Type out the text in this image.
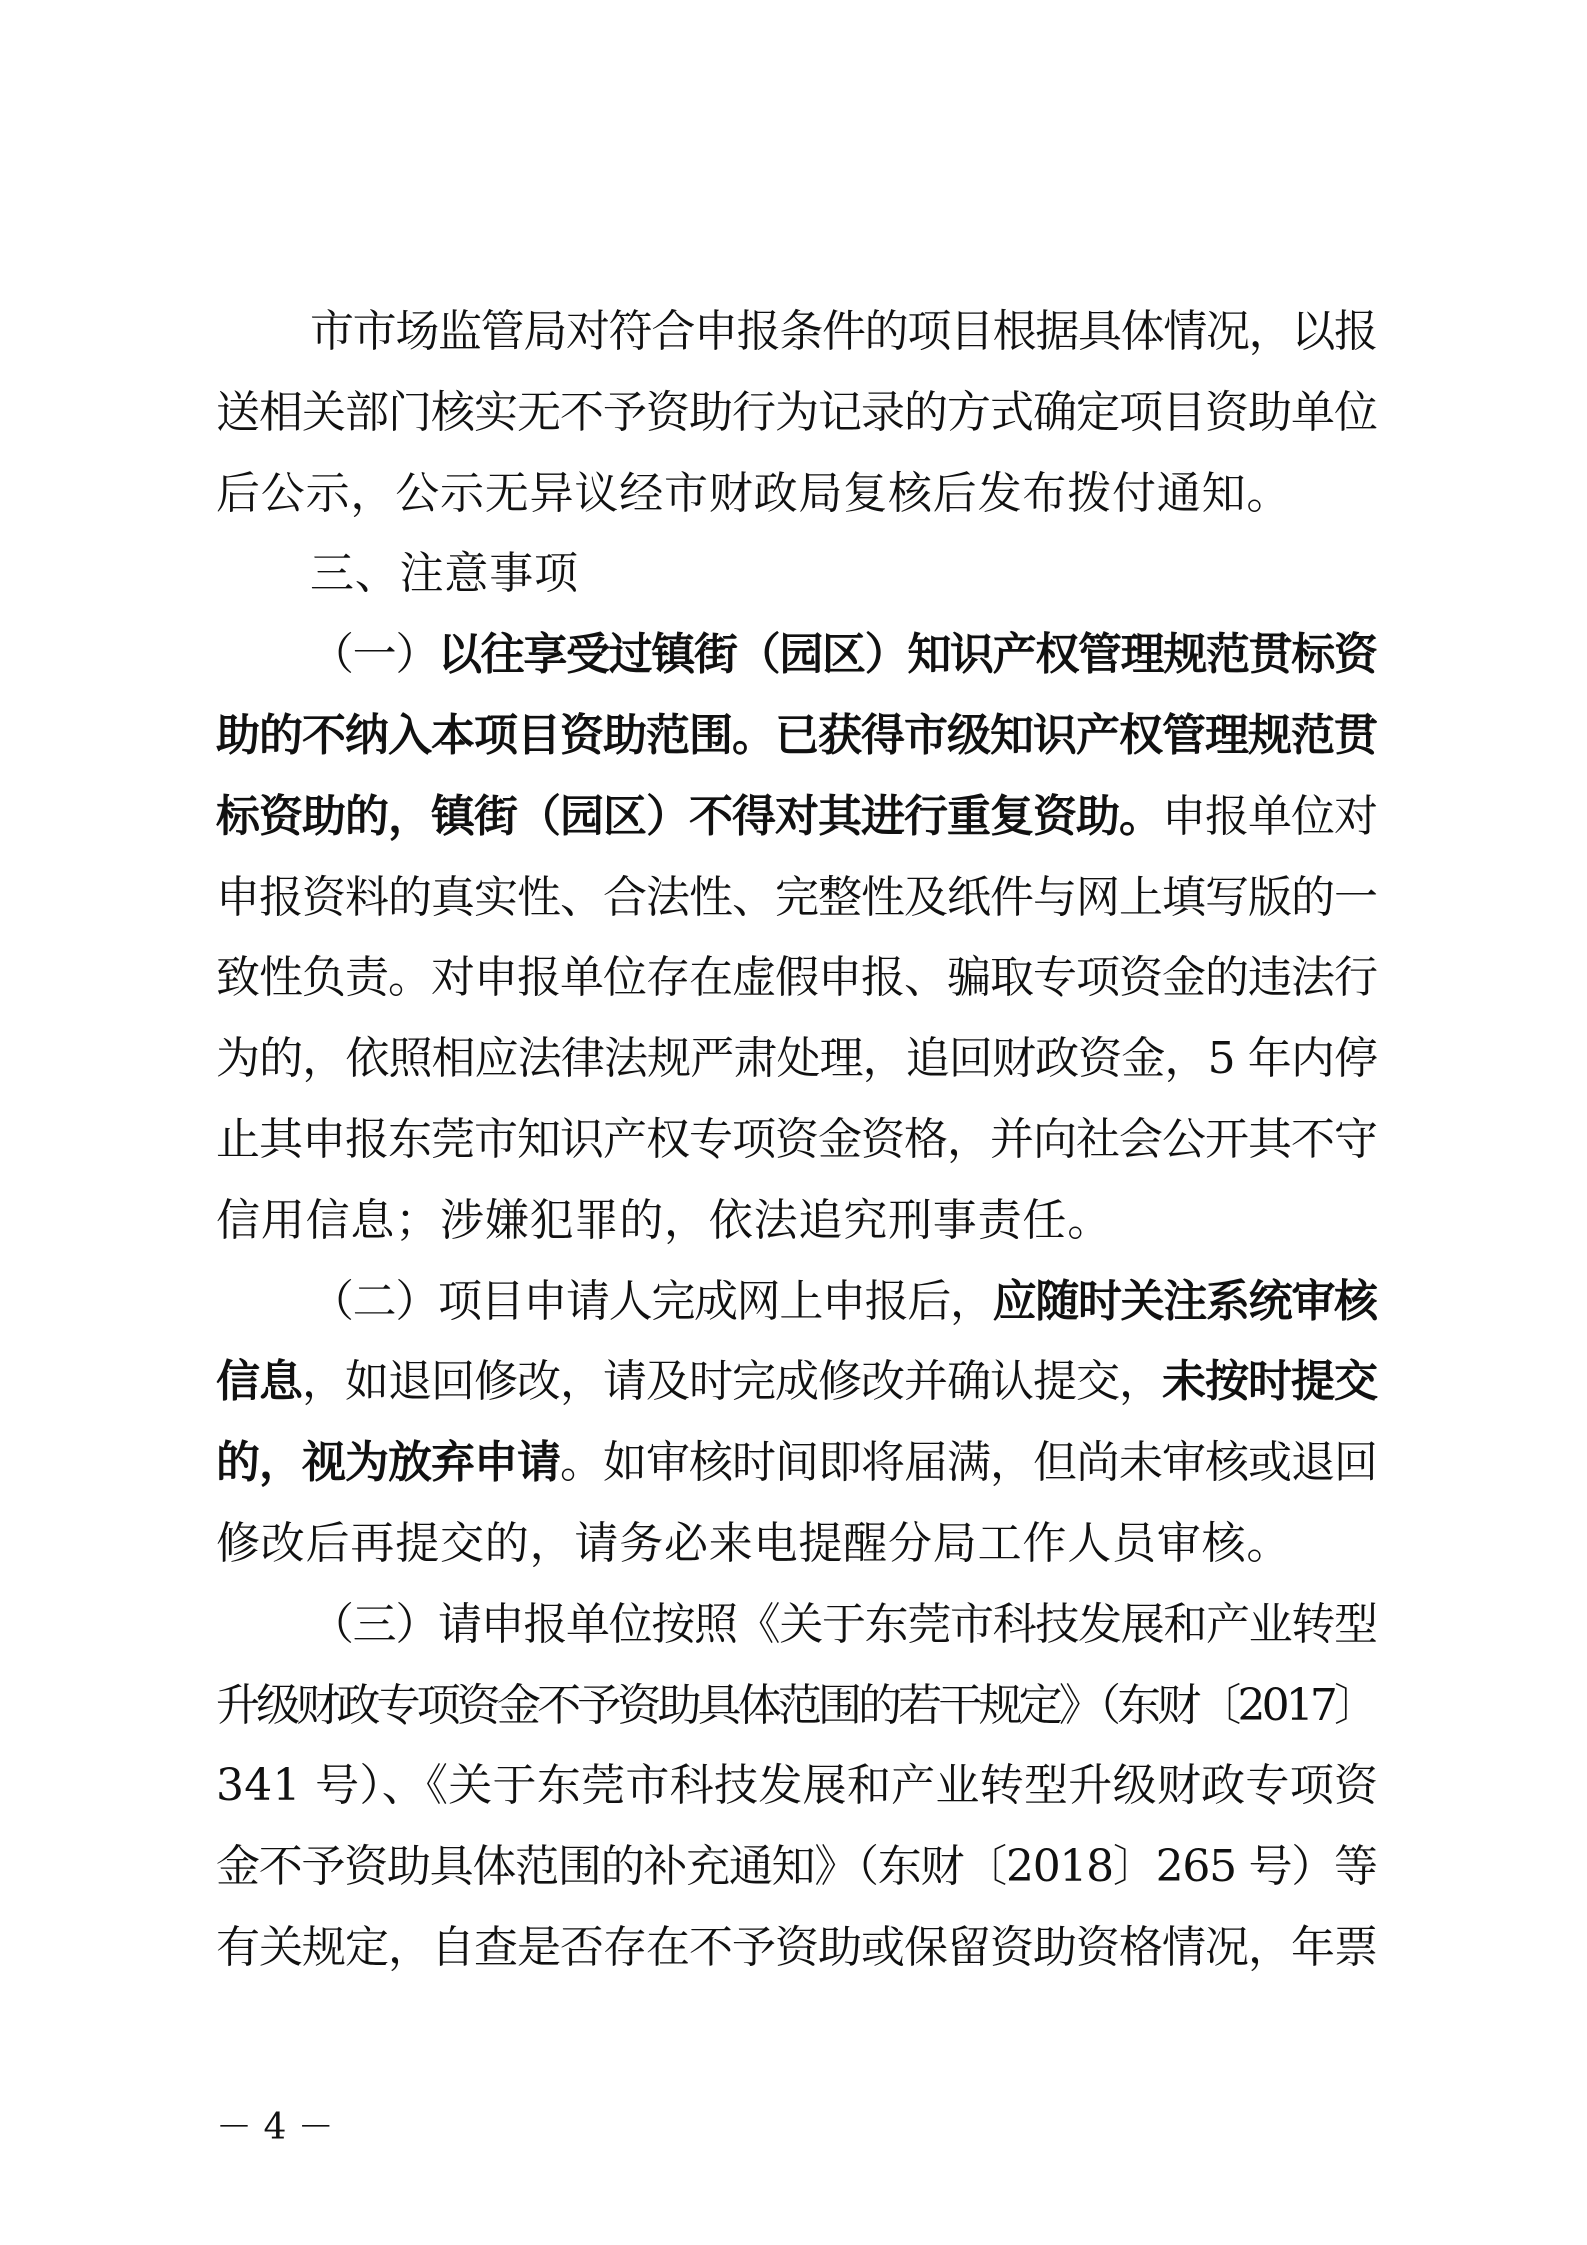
市市场监管局对符合申报条件的项目根据具体情况，以报
送相关部门核实无不予资助行为记录的方式确定项目资助单位
后公示，公示无异议经市财政局复核后发布拨付通知。
三、注意事项
（一）以往享受过镇街（园区）知识产权管理规范贯标资
助的不纳入本项目资助范围。已获得市级知识产权管理规范贯
标资助的，镇街（园区）不得对其进行重复资助。申报单位对
申报资料的真实性、合法性、完整性及纸件与网上填写版的一
致性负责。对申报单位存在虚假申报、骗取专项资金的违法行
为的，依照相应法律法规严肃处理，追回财政资金，5 年内停
止其申报东莞市知识产权专项资金资格，并向社会公开其不守
信用信息；涉嫌犯罪的，依法追究刑事责任。
（二）项目申请人完成网上申报后，应随时关注系统审核
信息，如退回修改，请及时完成修改并确认提交，未按时提交
的，视为放弃申请。如审核时间即将届满，但尚未审核或退回
修改后再提交的，请务必来电提醒分局工作人员审核。
（三）请申报单位按照《关于东莞市科技发展和产业转型
升级财政专项资金不予资助具体范围的若干规定》（东财〔2017〕
341 号）、《关于东莞市科技发展和产业转型升级财政专项资
金不予资助具体范围的补充通知》（东财〔2018〕265 号）等
有关规定，自查是否存在不予资助或保留资助资格情况，年票
－ 4 －
